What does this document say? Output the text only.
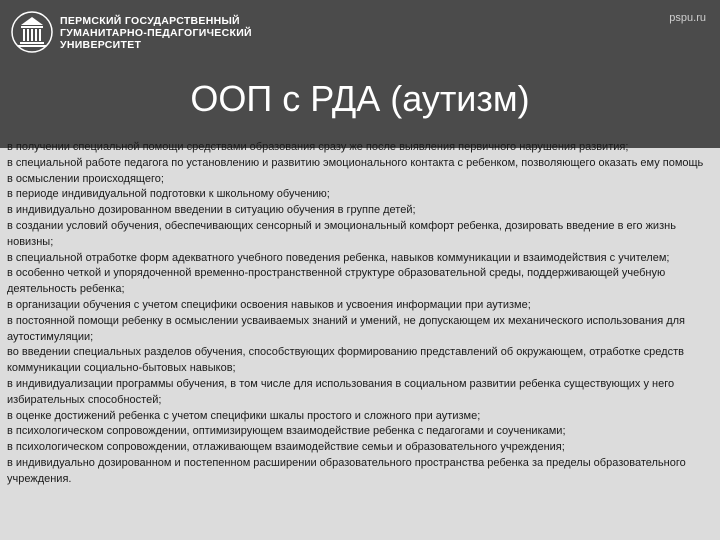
ПЕРМСКИЙ ГОСУДАРСТВЕННЫЙ
ГУМАНИТАРНО-ПЕДАГОГИЧЕСКИЙ
УНИВЕРСИТЕТ
pspu.ru
ООП с РДА (аутизм)

в получении специальной помощи средствами образования сразу же после выявления первичного нарушения развития;

в специальной работе педагога по установлению и развитию эмоционального контакта с ребенком, позволяющего оказать ему помощь в осмыслении происходящего;

в периоде индивидуальной подготовки к школьному обучению;

в индивидуально дозированном введении в ситуацию обучения в группе детей;

в создании условий обучения, обеспечивающих сенсорный и эмоциональный комфорт ребенка, дозировать введение в его жизнь новизны;

в специальной отработке форм адекватного учебного поведения ребенка, навыков коммуникации и взаимодействия с учителем;

в особенно четкой и упорядоченной временно-пространственной структуре образовательной среды, поддерживающей учебную деятельность ребенка;

в организации обучения с учетом специфики освоения навыков и усвоения информации при аутизме;

в постоянной помощи ребенку в осмыслении усваиваемых знаний и умений, не допускающем их механического использования для аутостимуляции;

во введении специальных разделов обучения, способствующих формированию представлений об окружающем, отработке средств коммуникации социально-бытовых навыков;

в индивидуализации программы обучения, в том числе для использования в социальном развитии ребенка существующих у него избирательных способностей;

в оценке достижений ребенка с учетом специфики шкалы простого и сложного при аутизме;

в психологическом сопровождении, оптимизирующем взаимодействие ребенка с педагогами и соучениками;

в психологическом сопровождении, отлаживающем взаимодействие семьи и образовательного учреждения;

в индивидуально дозированном и постепенном расширении образовательного пространства ребенка за пределы образовательного учреждения.
